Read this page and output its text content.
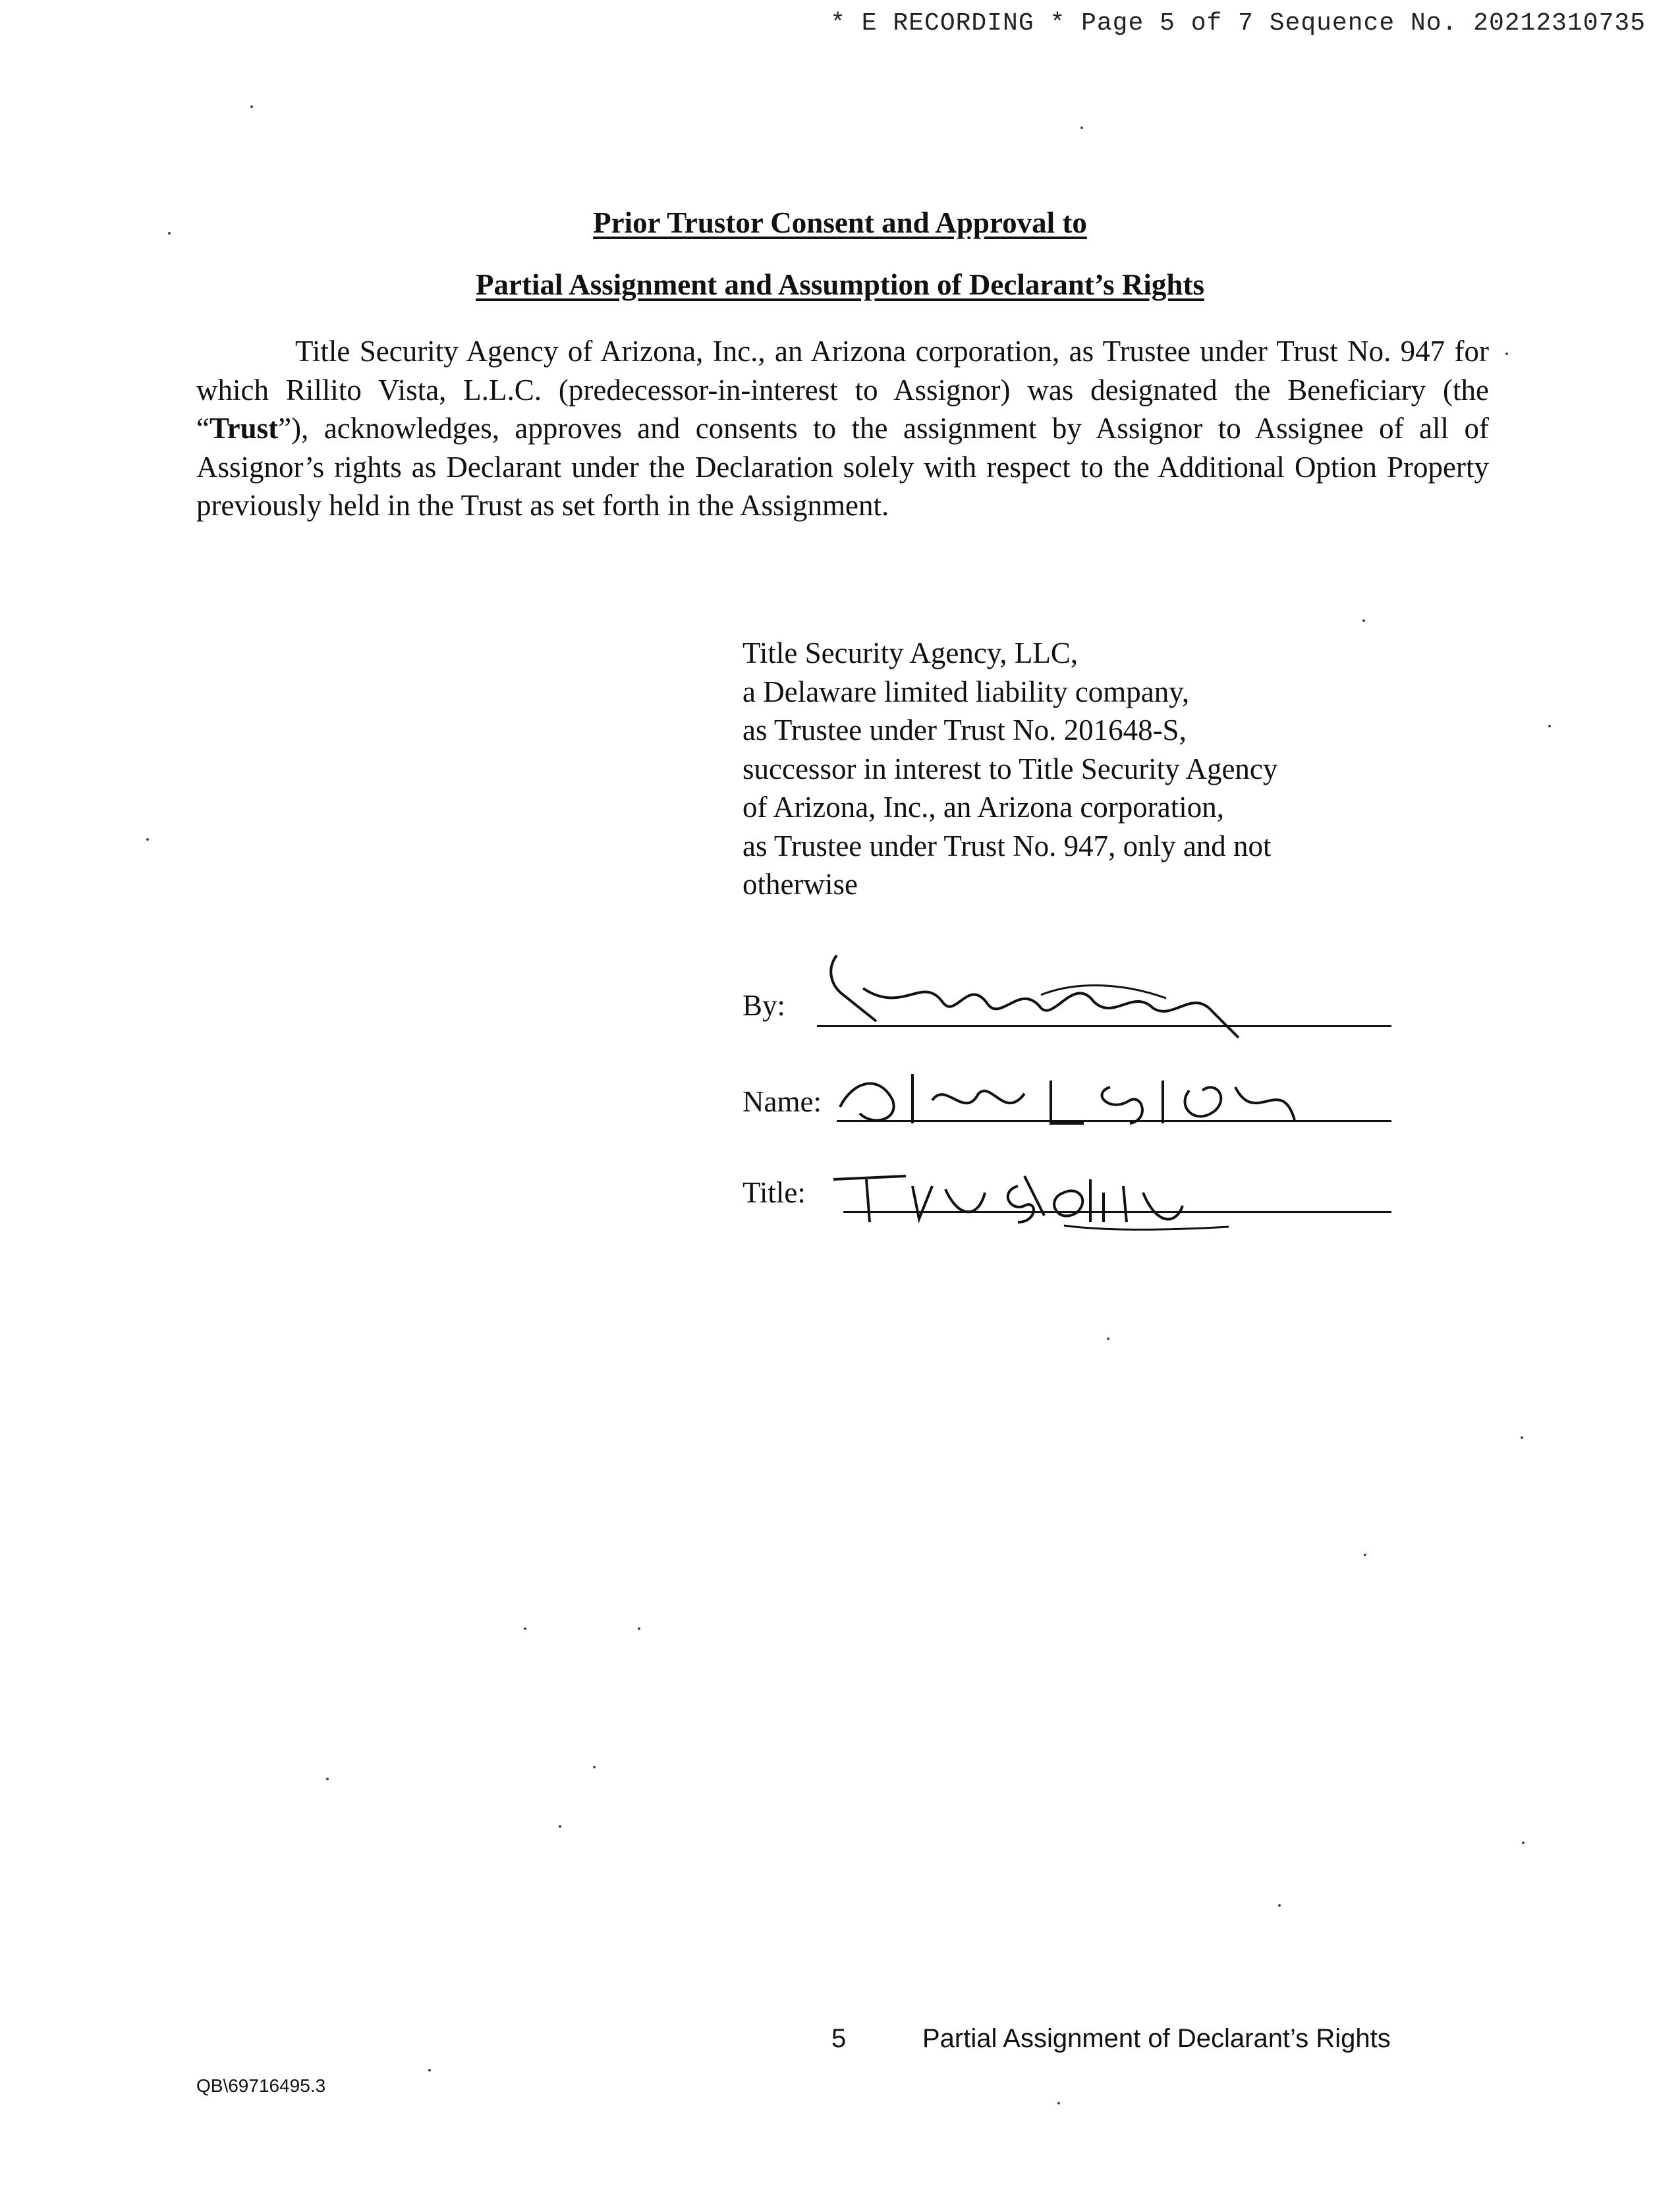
* E RECORDING * Page 5 of 7 Sequence No. 20212310735
Prior Trustor Consent and Approval to
Partial Assignment and Assumption of Declarant’s Rights

Title Security Agency of Arizona, Inc., an Arizona corporation, as Trustee under Trust No. 947 for which Rillito Vista, L.L.C. (predecessor-in-interest to Assignor) was designated the Beneficiary (the “Trust”), acknowledges, approves and consents to the assignment by Assignor to Assignee of all of Assignor’s rights as Declarant under the Declaration solely with respect to the Additional Option Property previously held in the Trust as set forth in the Assignment.

Title Security Agency, LLC,
a Delaware limited liability company,
as Trustee under Trust No. 201648-S,
successor in interest to Title Security Agency
of Arizona, Inc., an Arizona corporation,
as Trustee under Trust No. 947, only and not
otherwise
By:
Name:
Title:
5	Partial Assignment of Declarant’s Rights
QB\69716495.3
